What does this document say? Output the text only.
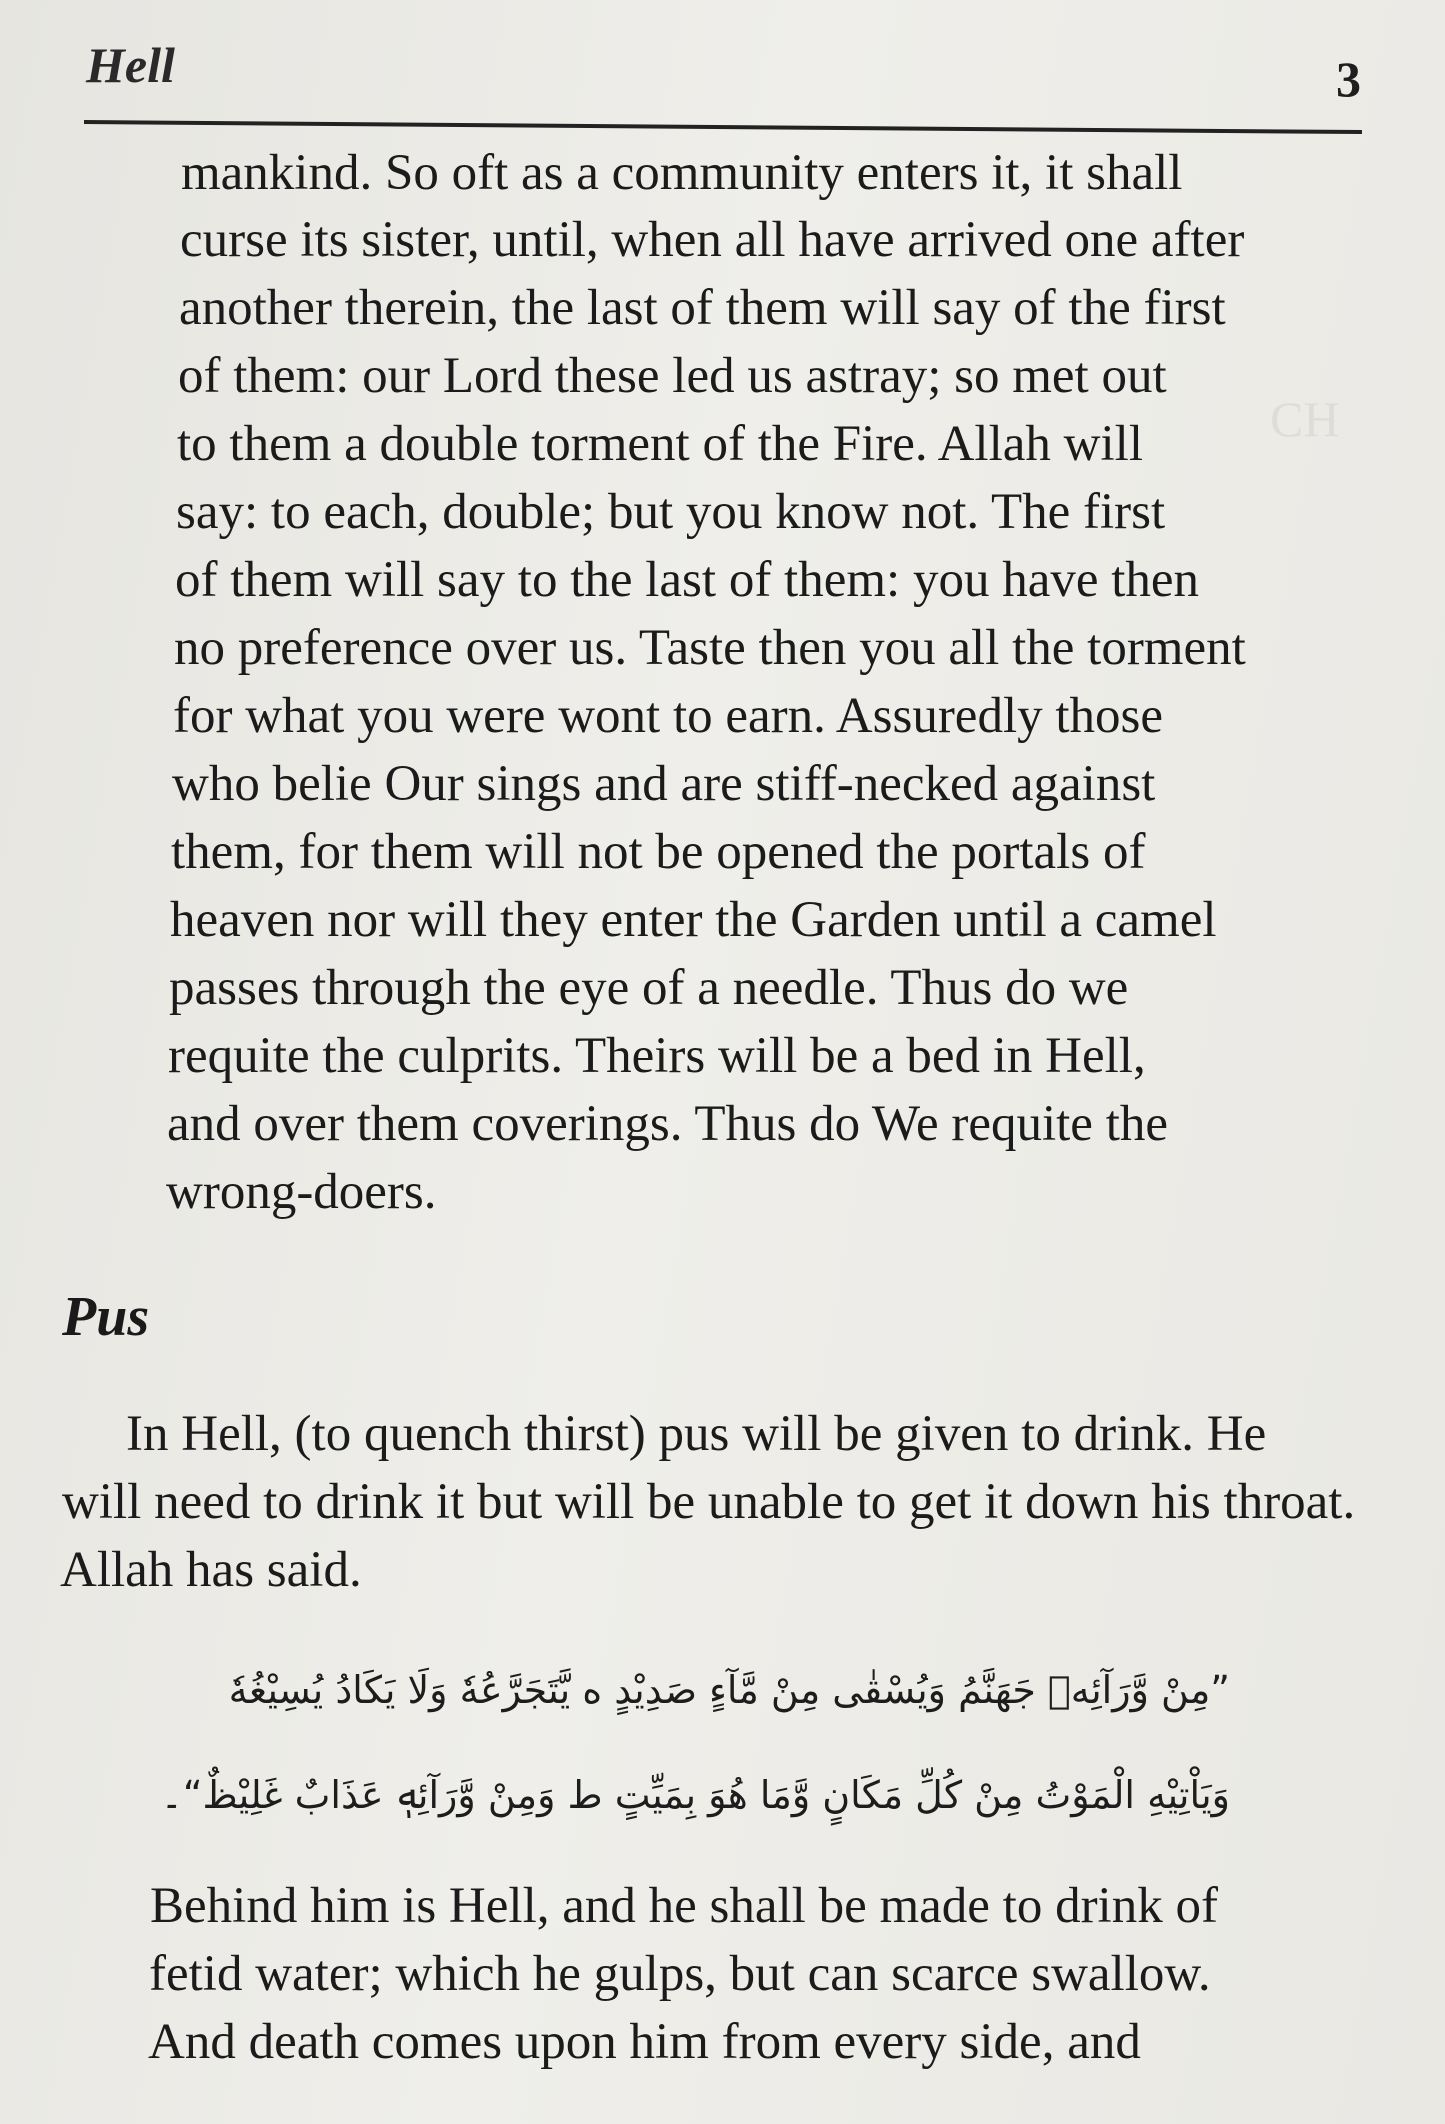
Hell	3
CH
mankind. So oft as a community enters it, it shall
curse its sister, until, when all have arrived one after
another therein, the last of them will say of the first
of them: our Lord these led us astray; so met out
to them a double torment of the Fire. Allah will
say: to each, double; but you know not. The first
of them will say to the last of them: you have then
no preference over us. Taste then you all the torment
for what you were wont to earn. Assuredly those
who belie Our sings and are stiff-necked against
them, for them will not be opened the portals of
heaven nor will they enter the Garden until a camel
passes through the eye of a needle. Thus do we
requite the culprits. Theirs will be a bed in Hell,
and over them coverings. Thus do We requite the
wrong-doers.
Pus
In Hell, (to quench thirst) pus will be given to drink. He
will need to drink it but will be unable to get it down his throat.
Allah has said.
”مِنْ وَّرَآئِهٖ جَهَنَّمُ وَيُسْقٰى مِنْ مَّآءٍ صَدِيْدٍ ه يَّتَجَرَّعُهٗ وَلَا يَكَادُ يُسِيْغُهٗ
وَيَاْتِيْهِ الْمَوْتُ مِنْ كُلِّ مَكَانٍ وَّمَا هُوَ بِمَيِّتٍ ط وَمِنْ وَّرَآئِهٖ عَذَابٌ غَلِيْظٌ“۔
Behind him is Hell, and he shall be made to drink of
fetid water; which he gulps, but can scarce swallow.
And death comes upon him from every side, and
